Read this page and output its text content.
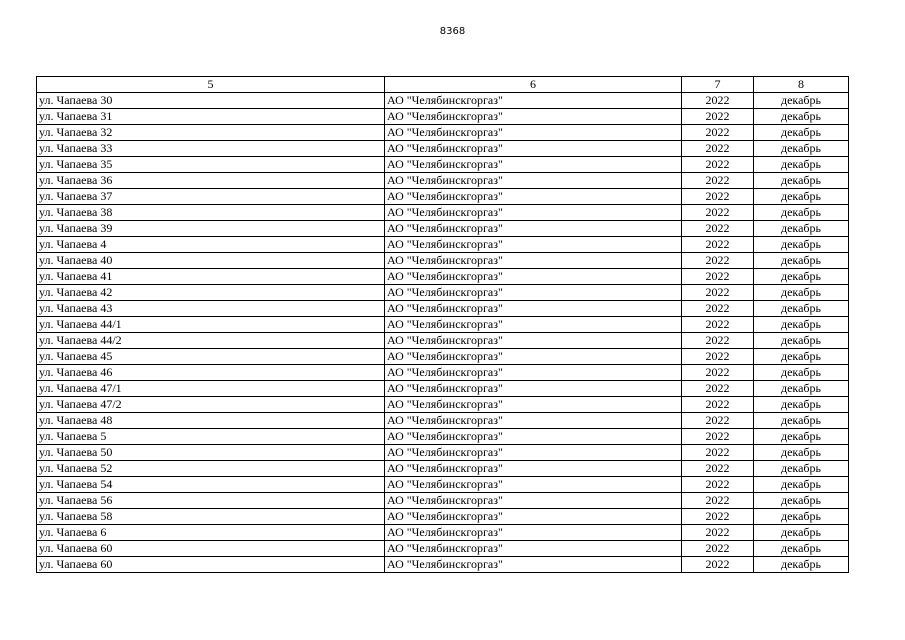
8368
5	6	7	8
ул. Чапаева 30	АО "Челябинскгоргаз"	2022	декабрь
ул. Чапаева 31	АО "Челябинскгоргаз"	2022	декабрь
ул. Чапаева 32	АО "Челябинскгоргаз"	2022	декабрь
ул. Чапаева 33	АО "Челябинскгоргаз"	2022	декабрь
ул. Чапаева 35	АО "Челябинскгоргаз"	2022	декабрь
ул. Чапаева 36	АО "Челябинскгоргаз"	2022	декабрь
ул. Чапаева 37	АО "Челябинскгоргаз"	2022	декабрь
ул. Чапаева 38	АО "Челябинскгоргаз"	2022	декабрь
ул. Чапаева 39	АО "Челябинскгоргаз"	2022	декабрь
ул. Чапаева 4	АО "Челябинскгоргаз"	2022	декабрь
ул. Чапаева 40	АО "Челябинскгоргаз"	2022	декабрь
ул. Чапаева 41	АО "Челябинскгоргаз"	2022	декабрь
ул. Чапаева 42	АО "Челябинскгоргаз"	2022	декабрь
ул. Чапаева 43	АО "Челябинскгоргаз"	2022	декабрь
ул. Чапаева 44/1	АО "Челябинскгоргаз"	2022	декабрь
ул. Чапаева 44/2	АО "Челябинскгоргаз"	2022	декабрь
ул. Чапаева 45	АО "Челябинскгоргаз"	2022	декабрь
ул. Чапаева 46	АО "Челябинскгоргаз"	2022	декабрь
ул. Чапаева 47/1	АО "Челябинскгоргаз"	2022	декабрь
ул. Чапаева 47/2	АО "Челябинскгоргаз"	2022	декабрь
ул. Чапаева 48	АО "Челябинскгоргаз"	2022	декабрь
ул. Чапаева 5	АО "Челябинскгоргаз"	2022	декабрь
ул. Чапаева 50	АО "Челябинскгоргаз"	2022	декабрь
ул. Чапаева 52	АО "Челябинскгоргаз"	2022	декабрь
ул. Чапаева 54	АО "Челябинскгоргаз"	2022	декабрь
ул. Чапаева 56	АО "Челябинскгоргаз"	2022	декабрь
ул. Чапаева 58	АО "Челябинскгоргаз"	2022	декабрь
ул. Чапаева 6	АО "Челябинскгоргаз"	2022	декабрь
ул. Чапаева 60	АО "Челябинскгоргаз"	2022	декабрь
ул. Чапаева 60	АО "Челябинскгоргаз"	2022	декабрь
